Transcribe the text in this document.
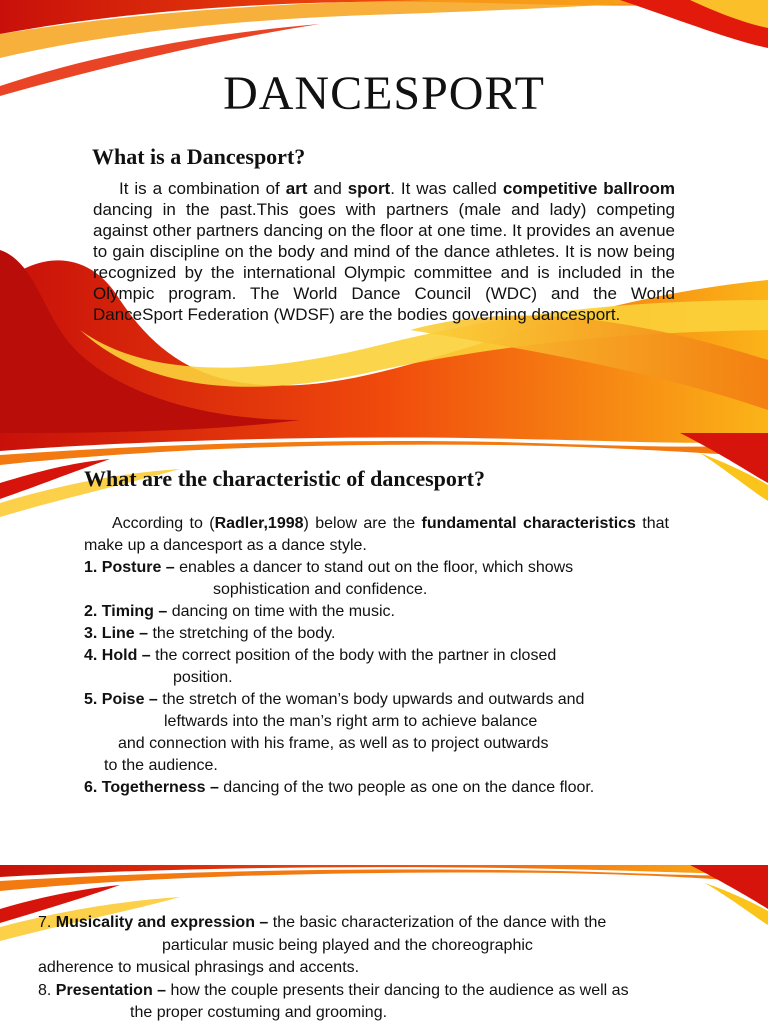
DANCESPORT
What is a Dancesport?

It is a combination of art and sport. It was called competitive ballroom dancing in the past.This goes with partners (male and lady) competing against other partners dancing on the floor at one time. It provides an avenue to gain discipline on the body and mind of the dance athletes. It is now being recognized by the international Olympic committee and is included in the Olympic program. The World Dance Council (WDC) and the World DanceSport Federation (WDSF) are the bodies governing dancesport.

What are the characteristic of dancesport?
According to (Radler,1998) below are the fundamental characteristics that make up a dancesport as a dance style.
1. Posture – enables a dancer to stand out on the floor, which shows
sophistication and confidence.
2. Timing – dancing on time with the music.
3. Line – the stretching of the body.
4. Hold – the correct position of the body with the partner in closed
position.
5. Poise – the stretch of the woman’s body upwards and outwards and
leftwards into the man’s right arm to achieve balance
and connection with his frame, as well as to project outwards
to the audience.
6. Togetherness – dancing of the two people as one on the dance floor.
7. Musicality and expression – the basic characterization of the dance with the
particular music being played and the choreographic
adherence to musical phrasings and accents.
8. Presentation – how the couple presents their dancing to the audience as well as
the proper costuming and grooming.
